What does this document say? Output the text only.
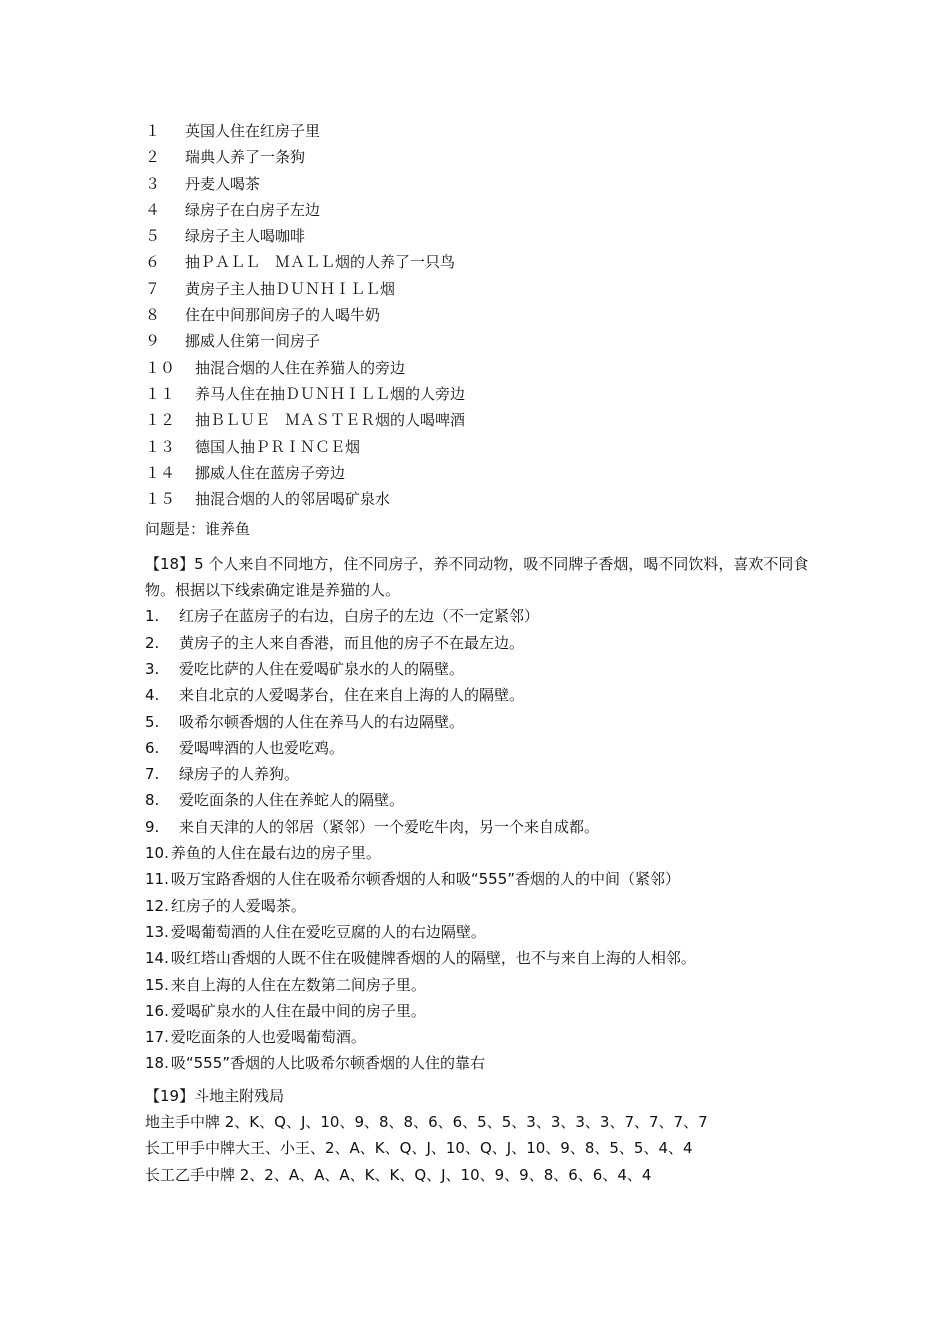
１ 英国人住在红房子里
２ 瑞典人养了一条狗
３ 丹麦人喝茶
４ 绿房子在白房子左边
５ 绿房子主人喝咖啡
６ 抽ＰＡＬＬ　ＭＡＬＬ烟的人养了一只鸟
７ 黄房子主人抽ＤＵＮＨＩＬＬ烟
８ 住在中间那间房子的人喝牛奶
９ 挪威人住第一间房子
１０ 抽混合烟的人住在养猫人的旁边
１１ 养马人住在抽ＤＵＮＨＩＬＬ烟的人旁边
１２ 抽ＢＬＵＥ　ＭＡＳＴＥＲ烟的人喝啤酒
１３ 德国人抽ＰＲＩＮＣＥ烟
１４ 挪威人住在蓝房子旁边
１５ 抽混合烟的人的邻居喝矿泉水
问题是：谁养鱼
【18】5 个人来自不同地方，住不同房子，养不同动物，吸不同牌子香烟，喝不同饮料，喜欢不同食物。根据以下线索确定谁是养猫的人。
1. 红房子在蓝房子的右边，白房子的左边（不一定紧邻）
2. 黄房子的主人来自香港，而且他的房子不在最左边。
3. 爱吃比萨的人住在爱喝矿泉水的人的隔壁。
4. 来自北京的人爱喝茅台，住在来自上海的人的隔壁。
5. 吸希尔顿香烟的人住在养马人的右边隔壁。
6. 爱喝啤酒的人也爱吃鸡。
7. 绿房子的人养狗。
8. 爱吃面条的人住在养蛇人的隔壁。
9. 来自天津的人的邻居（紧邻）一个爱吃牛肉，另一个来自成都。
10. 养鱼的人住在最右边的房子里。
11. 吸万宝路香烟的人住在吸希尔顿香烟的人和吸“555”香烟的人的中间（紧邻）
12. 红房子的人爱喝茶。
13. 爱喝葡萄酒的人住在爱吃豆腐的人的右边隔壁。
14. 吸红塔山香烟的人既不住在吸健牌香烟的人的隔壁，也不与来自上海的人相邻。
15. 来自上海的人住在左数第二间房子里。
16. 爱喝矿泉水的人住在最中间的房子里。
17. 爱吃面条的人也爱喝葡萄酒。
18. 吸“555”香烟的人比吸希尔顿香烟的人住的靠右
【19】斗地主附残局
地主手中牌 2、K、Q、J、10、9、8、8、6、6、5、5、3、3、3、3、7、7、7、7
长工甲手中牌大王、小王、2、A、K、Q、J、10、Q、J、10、9、8、5、5、4、4
长工乙手中牌 2、2、A、A、A、K、K、Q、J、10、9、9、8、6、6、4、4
